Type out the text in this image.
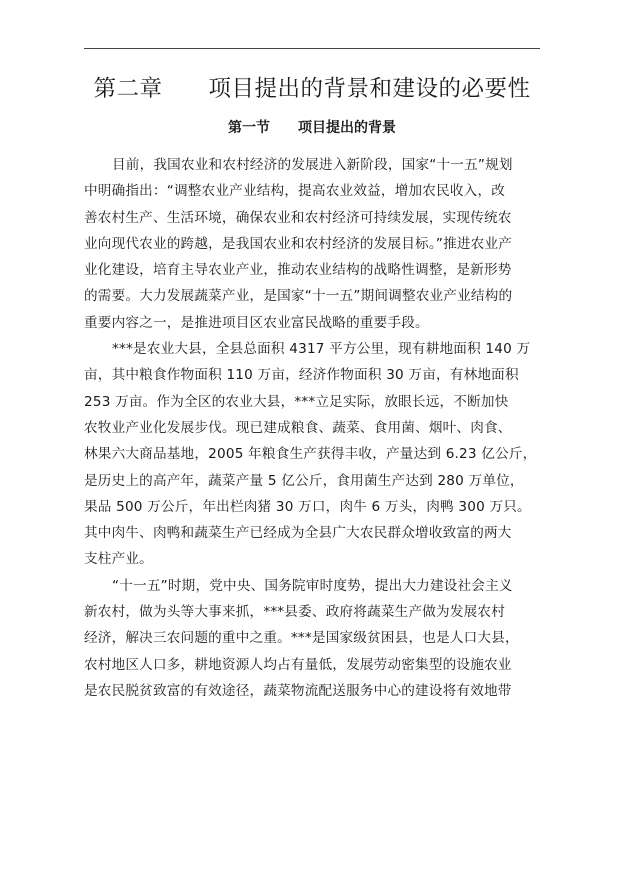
第二章 项目提出的背景和建设的必要性
第一节 项目提出的背景
目前，我国农业和农村经济的发展进入新阶段，国家“十一五”规划
中明确指出：“调整农业产业结构，提高农业效益，增加农民收入，改
善农村生产、生活环境，确保农业和农村经济可持续发展，实现传统农
业向现代农业的跨越，是我国农业和农村经济的发展目标。”推进农业产
业化建设，培育主导农业产业，推动农业结构的战略性调整，是新形势
的需要。大力发展蔬菜产业，是国家“十一五”期间调整农业产业结构的
重要内容之一，是推进项目区农业富民战略的重要手段。
***是农业大县，全县总面积 4317 平方公里，现有耕地面积 140 万
亩，其中粮食作物面积 110 万亩，经济作物面积 30 万亩，有林地面积
253 万亩。作为全区的农业大县，***立足实际，放眼长远，不断加快
农牧业产业化发展步伐。现已建成粮食、蔬菜、食用菌、烟叶、肉食、
林果六大商品基地，2005 年粮食生产获得丰收，产量达到 6.23 亿公斤，
是历史上的高产年，蔬菜产量 5 亿公斤，食用菌生产达到 280 万单位，
果品 500 万公斤，年出栏肉猪 30 万口，肉牛 6 万头，肉鸭 300 万只。
其中肉牛、肉鸭和蔬菜生产已经成为全县广大农民群众增收致富的两大
支柱产业。
“十一五”时期，党中央、国务院审时度势，提出大力建设社会主义
新农村，做为头等大事来抓，***县委、政府将蔬菜生产做为发展农村
经济，解决三农问题的重中之重。***是国家级贫困县，也是人口大县，
农村地区人口多，耕地资源人均占有量低，发展劳动密集型的设施农业
是农民脱贫致富的有效途径，蔬菜物流配送服务中心的建设将有效地带
